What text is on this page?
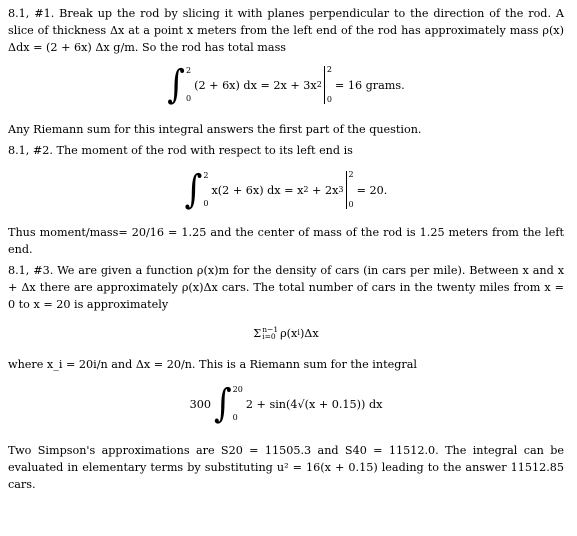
8.1, #1. Break up the rod by slicing it with planes perpendicular to the direction of the rod. A slice of thickness Δx at a point x meters from the left end of the rod has approximately mass ρ(x) Δdx = (2 + 6x) Δx g/m. So the rod has total mass

∫ 2
0
(2 + 6x) dx = 2x + 3x 2
2
0
= 16 grams.

Any Riemann sum for this integral answers the first part of the question.

8.1, #2. The moment of the rod with respect to its left end is

∫ 2
0
x(2 + 6x) dx = x 2 + 2x 3
2
0
= 20.

Thus moment/mass= 20/16 = 1.25 and the center of mass of the rod is 1.25 meters from the left end.

8.1, #3. We are given a function ρ(x)m for the density of cars (in cars per mile). Between x and x + Δx there are approximately ρ(x)Δx cars. The total number of cars in the twenty miles from x = 0 to x = 20 is approximately

Σ n−1
i=0 ρ(x i )Δx

where x_i = 20i/n and Δx = 20/n. This is a Riemann sum for the integral

300 ∫ 20
0
2 + sin(4√(x + 0.15)) dx

Two Simpson's approximations are S20 = 11505.3 and S40 = 11512.0. The integral can be evaluated in elementary terms by substituting u² = 16(x + 0.15) leading to the answer 11512.85 cars.
